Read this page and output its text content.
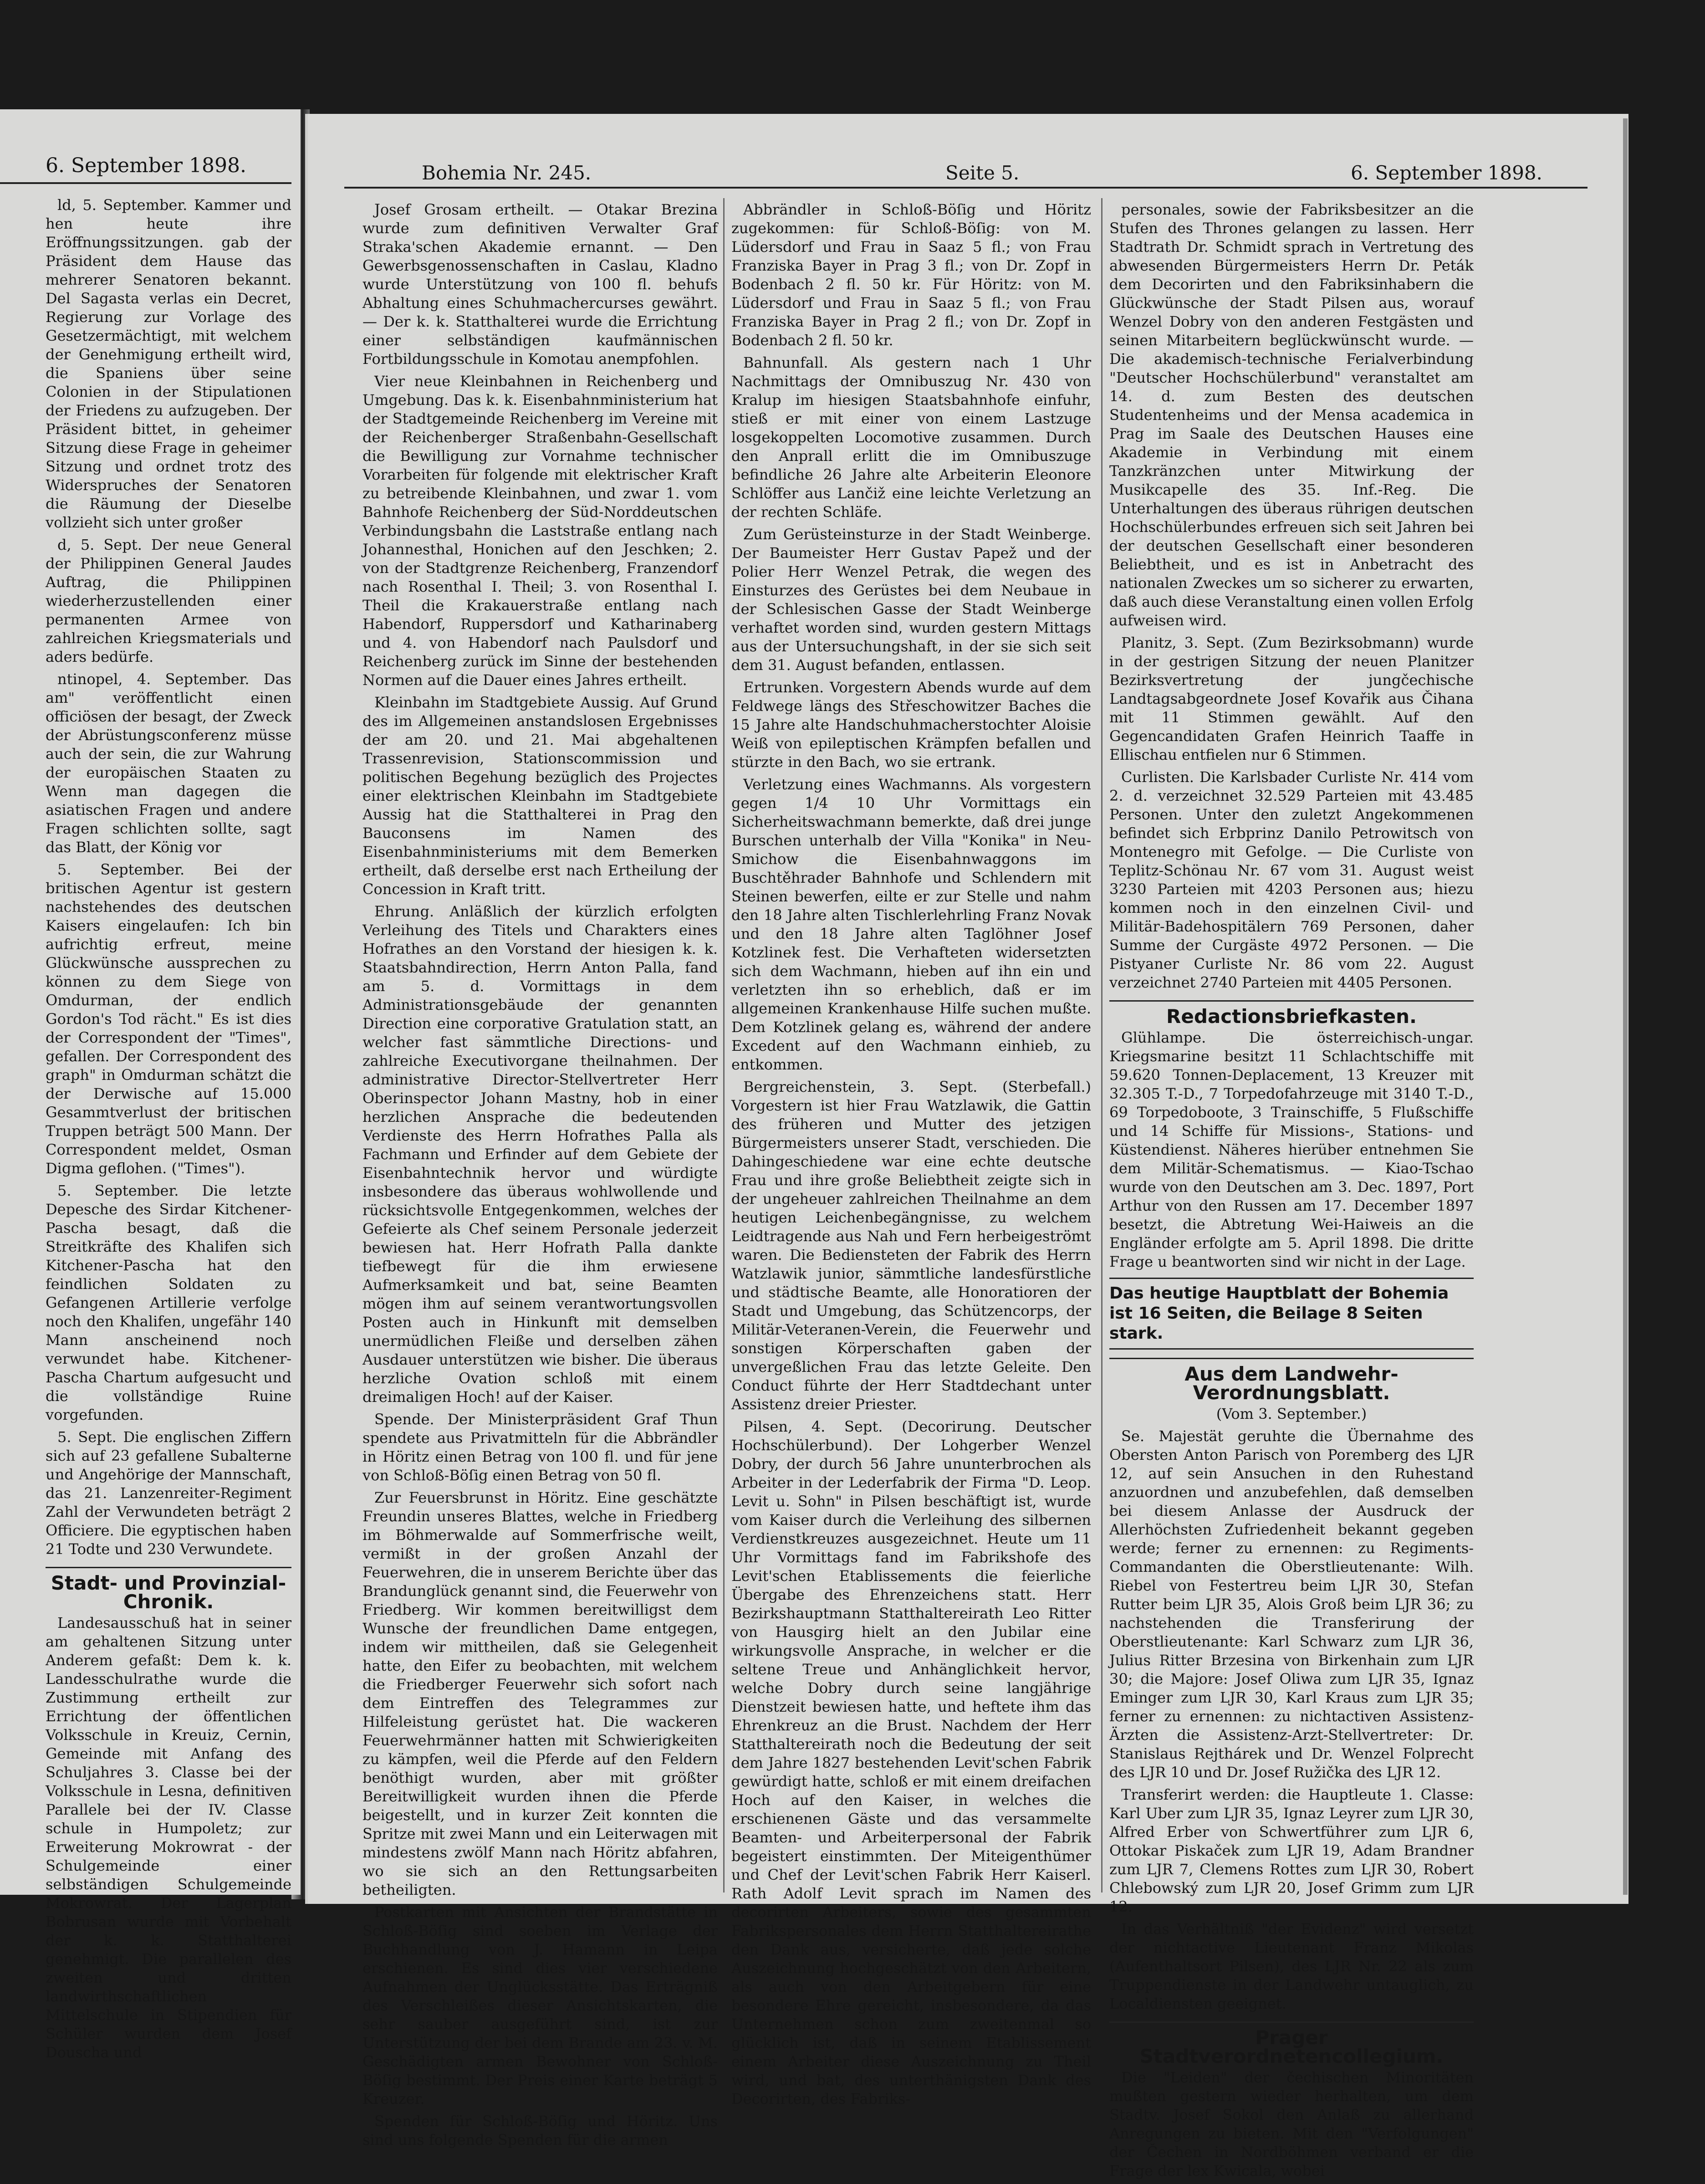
6. September 1898.

ld, 5. September. Kammer und hen heute ihre Eröffnungssitzungen. gab der Präsident dem Hause das mehrerer Senatoren bekannt. Del Sagasta verlas ein Decret, Regierung zur Vorlage des Gesetzermächtigt, mit welchem der Genehmigung ertheilt wird, die Spaniens über seine Colonien in der Stipulationen der Friedens zu aufzugeben. Der Präsident bittet, in geheimer Sitzung diese Frage in geheimer Sitzung und ordnet trotz des Widerspruches der Senatoren die Räumung der Dieselbe vollzieht sich unter großer

d, 5. Sept. Der neue General der Philippinen General Jaudes Auftrag, die Philippinen wiederherzustellenden einer permanenten Armee von zahlreichen Kriegsmaterials und aders bedürfe.

ntinopel, 4. September. Das am" veröffentlicht einen officiösen der besagt, der Zweck der Abrüstungsconferenz müsse auch der sein, die zur Wahrung der europäischen Staaten zu Wenn man dagegen die asiatischen Fragen und andere Fragen schlichten sollte, sagt das Blatt, der König vor

5. September. Bei der britischen Agentur ist gestern nachstehendes des deutschen Kaisers eingelaufen: Ich bin aufrichtig erfreut, meine Glückwünsche aussprechen zu können zu dem Siege von Omdurman, der endlich Gordon's Tod rächt." Es ist dies der Correspondent der "Times", gefallen. Der Correspondent des graph" in Omdurman schätzt die der Derwische auf 15.000 Gesammtverlust der britischen Truppen beträgt 500 Mann. Der Correspondent meldet, Osman Digma geflohen. ("Times").

5. September. Die letzte Depesche des Sirdar Kitchener-Pascha besagt, daß die Streitkräfte des Khalifen sich Kitchener-Pascha hat den feindlichen Soldaten zu Gefangenen Artillerie verfolge noch den Khalifen, ungefähr 140 Mann anscheinend noch verwundet habe. Kitchener-Pascha Chartum aufgesucht und die vollständige Ruine vorgefunden.

5. Sept. Die englischen Ziffern sich auf 23 gefallene Subalterne und Angehörige der Mannschaft, das 21. Lanzenreiter-Regiment Zahl der Verwundeten beträgt 2 Officiere. Die egyptischen haben 21 Todte und 230 Verwundete.

Stadt- und Provinzial-Chronik.

Landesausschuß hat in seiner am gehaltenen Sitzung unter Anderem gefaßt: Dem k. k. Landesschulrathe wurde die Zustimmung ertheilt zur Errichtung der öffentlichen Volksschule in Kreuiz, Cernin, Gemeinde mit Anfang des Schuljahres 3. Classe bei der Volksschule in Lesna, definitiven Parallele bei der IV. Classe schule in Humpoletz; zur Erweiterung Mokrowrat - der Schulgemeinde einer selbständigen Schulgemeinde Mokrowrat. Der Lagerplan Bobrusan wurde mit Vorbehalt der k. k. Statthalterei genehmigt. Die parallelen des zweiten und dritten landwirthschaftlichen Mittelschule in Stipendien für Schüler wurden dem Josef Douscha und

Bohemia Nr. 245.	Seite 5.	6. September 1898.

Josef Grosam ertheilt. — Otakar Brezina wurde zum definitiven Verwalter Graf Straka'schen Akademie ernannt. — Den Gewerbsgenossenschaften in Caslau, Kladno wurde Unterstützung von 100 fl. behufs Abhaltung eines Schuhmachercurses gewährt. — Der k. k. Statthalterei wurde die Errichtung einer selbständigen kaufmännischen Fortbildungsschule in Komotau anempfohlen.

Vier neue Kleinbahnen in Reichenberg und Umgebung. Das k. k. Eisenbahnministerium hat der Stadtgemeinde Reichenberg im Vereine mit der Reichenberger Straßenbahn-Gesellschaft die Bewilligung zur Vornahme technischer Vorarbeiten für folgende mit elektrischer Kraft zu betreibende Kleinbahnen, und zwar 1. vom Bahnhofe Reichenberg der Süd-Norddeutschen Verbindungsbahn die Laststraße entlang nach Johannesthal, Honichen auf den Jeschken; 2. von der Stadtgrenze Reichenberg, Franzendorf nach Rosenthal I. Theil; 3. von Rosenthal I. Theil die Krakauerstraße entlang nach Habendorf, Ruppersdorf und Katharinaberg und 4. von Habendorf nach Paulsdorf und Reichenberg zurück im Sinne der bestehenden Normen auf die Dauer eines Jahres ertheilt.

Kleinbahn im Stadtgebiete Aussig. Auf Grund des im Allgemeinen anstandslosen Ergebnisses der am 20. und 21. Mai abgehaltenen Trassenrevision, Stationscommission und politischen Begehung bezüglich des Projectes einer elektrischen Kleinbahn im Stadtgebiete Aussig hat die Statthalterei in Prag den Bauconsens im Namen des Eisenbahnministeriums mit dem Bemerken ertheilt, daß derselbe erst nach Ertheilung der Concession in Kraft tritt.

Ehrung. Anläßlich der kürzlich erfolgten Verleihung des Titels und Charakters eines Hofrathes an den Vorstand der hiesigen k. k. Staatsbahndirection, Herrn Anton Palla, fand am 5. d. Vormittags in dem Administrationsgebäude der genannten Direction eine corporative Gratulation statt, an welcher fast sämmtliche Directions- und zahlreiche Executivorgane theilnahmen. Der administrative Director-Stellvertreter Herr Oberinspector Johann Mastny, hob in einer herzlichen Ansprache die bedeutenden Verdienste des Herrn Hofrathes Palla als Fachmann und Erfinder auf dem Gebiete der Eisenbahntechnik hervor und würdigte insbesondere das überaus wohlwollende und rücksichtsvolle Entgegenkommen, welches der Gefeierte als Chef seinem Personale jederzeit bewiesen hat. Herr Hofrath Palla dankte tiefbewegt für die ihm erwiesene Aufmerksamkeit und bat, seine Beamten mögen ihm auf seinem verantwortungsvollen Posten auch in Hinkunft mit demselben unermüdlichen Fleiße und derselben zähen Ausdauer unterstützen wie bisher. Die überaus herzliche Ovation schloß mit einem dreimaligen Hoch! auf der Kaiser.

Spende. Der Ministerpräsident Graf Thun spendete aus Privatmitteln für die Abbrändler in Höritz einen Betrag von 100 fl. und für jene von Schloß-Böſig einen Betrag von 50 fl.

Zur Feuersbrunst in Höritz. Eine geschätzte Freundin unseres Blattes, welche in Friedberg im Böhmerwalde auf Sommerfrische weilt, vermißt in der großen Anzahl der Feuerwehren, die in unserem Berichte über das Brandunglück genannt sind, die Feuerwehr von Friedberg. Wir kommen bereitwilligst dem Wunsche der freundlichen Dame entgegen, indem wir mittheilen, daß sie Gelegenheit hatte, den Eifer zu beobachten, mit welchem die Friedberger Feuerwehr sich sofort nach dem Eintreffen des Telegrammes zur Hilfeleistung gerüstet hat. Die wackeren Feuerwehrmänner hatten mit Schwierigkeiten zu kämpfen, weil die Pferde auf den Feldern benöthigt wurden, aber mit größter Bereitwilligkeit wurden ihnen die Pferde beigestellt, und in kurzer Zeit konnten die Spritze mit zwei Mann und ein Leiterwagen mit mindestens zwölf Mann nach Höritz abfahren, wo sie sich an den Rettungsarbeiten betheiligten.

Postkarten mit Ansichten der Brandstätte in Schloß-Böſig sind soeben im Verlage der Buchhandlung von J. Hamann in Leipa erschienen. Es sind dies vier verschiedene Aufnahmen der Unglücksstätte. Das Erträgniß des Verschleißes dieser Ansichtskarten, die sehr sauber ausgeführt sind, ist zur Unterstützung der bei dem Brande am 23. v. M. Geschädigten armen Bewohner von Schloß-Böſig bestimmt. Der Preis einer Karte beträgt 5 Kreuzer.

Spenden für Schloß-Böſig und Höritz. Uns sind uns folgende Spenden für die armen

Abbrändler in Schloß-Böſig und Höritz zugekommen: für Schloß-Böſig: von M. Lüdersdorf und Frau in Saaz 5 fl.; von Frau Franziska Bayer in Prag 3 fl.; von Dr. Zopf in Bodenbach 2 fl. 50 kr. Für Höritz: von M. Lüdersdorf und Frau in Saaz 5 fl.; von Frau Franziska Bayer in Prag 2 fl.; von Dr. Zopf in Bodenbach 2 fl. 50 kr.

Bahnunfall. Als gestern nach 1 Uhr Nachmittags der Omnibuszug Nr. 430 von Kralup im hiesigen Staatsbahnhofe einfuhr, stieß er mit einer von einem Lastzuge losgekoppelten Locomotive zusammen. Durch den Anprall erlitt die im Omnibuszuge befindliche 26 Jahre alte Arbeiterin Eleonore Schlöffer aus Lančiž eine leichte Verletzung an der rechten Schläfe.

Zum Gerüsteinsturze in der Stadt Weinberge. Der Baumeister Herr Gustav Papež und der Polier Herr Wenzel Petrak, die wegen des Einsturzes des Gerüstes bei dem Neubaue in der Schlesischen Gasse der Stadt Weinberge verhaftet worden sind, wurden gestern Mittags aus der Untersuchungshaft, in der sie sich seit dem 31. August befanden, entlassen.

Ertrunken. Vorgestern Abends wurde auf dem Feldwege längs des Střeschowitzer Baches die 15 Jahre alte Handschuhmacherstochter Aloisie Weiß von epileptischen Krämpfen befallen und stürzte in den Bach, wo sie ertrank.

Verletzung eines Wachmanns. Als vorgestern gegen 1/4 10 Uhr Vormittags ein Sicherheitswachmann bemerkte, daß drei junge Burschen unterhalb der Villa "Konika" in Neu-Smichow die Eisenbahnwaggons im Buschtěhrader Bahnhofe und Schlendern mit Steinen bewerfen, eilte er zur Stelle und nahm den 18 Jahre alten Tischlerlehrling Franz Novak und den 18 Jahre alten Taglöhner Josef Kotzlinek fest. Die Verhafteten widersetzten sich dem Wachmann, hieben auf ihn ein und verletzten ihn so erheblich, daß er im allgemeinen Krankenhause Hilfe suchen mußte. Dem Kotzlinek gelang es, während der andere Excedent auf den Wachmann einhieb, zu entkommen.

Bergreichenstein, 3. Sept. (Sterbefall.) Vorgestern ist hier Frau Watzlawik, die Gattin des früheren und Mutter des jetzigen Bürgermeisters unserer Stadt, verschieden. Die Dahingeschiedene war eine echte deutsche Frau und ihre große Beliebtheit zeigte sich in der ungeheuer zahlreichen Theilnahme an dem heutigen Leichenbegängnisse, zu welchem Leidtragende aus Nah und Fern herbeigeströmt waren. Die Bediensteten der Fabrik des Herrn Watzlawik junior, sämmtliche landesfürstliche und städtische Beamte, alle Honoratioren der Stadt und Umgebung, das Schützencorps, der Militär-Veteranen-Verein, die Feuerwehr und sonstigen Körperschaften gaben der unvergeßlichen Frau das letzte Geleite. Den Conduct führte der Herr Stadtdechant unter Assistenz dreier Priester.

Pilsen, 4. Sept. (Decorirung. Deutscher Hochschülerbund). Der Lohgerber Wenzel Dobry, der durch 56 Jahre ununterbrochen als Arbeiter in der Lederfabrik der Firma "D. Leop. Levit u. Sohn" in Pilsen beschäftigt ist, wurde vom Kaiser durch die Verleihung des silbernen Verdienstkreuzes ausgezeichnet. Heute um 11 Uhr Vormittags fand im Fabrikshofe des Levit'schen Etablissements die feierliche Übergabe des Ehrenzeichens statt. Herr Bezirkshauptmann Statthaltereirath Leo Ritter von Hausgirg hielt an den Jubilar eine wirkungsvolle Ansprache, in welcher er die seltene Treue und Anhänglichkeit hervor, welche Dobry durch seine langjährige Dienstzeit bewiesen hatte, und heftete ihm das Ehrenkreuz an die Brust. Nachdem der Herr Statthaltereirath noch die Bedeutung der seit dem Jahre 1827 bestehenden Levit'schen Fabrik gewürdigt hatte, schloß er mit einem dreifachen Hoch auf den Kaiser, in welches die erschienenen Gäste und das versammelte Beamten- und Arbeiterpersonal der Fabrik begeistert einstimmten. Der Miteigenthümer und Chef der Levit'schen Fabrik Herr Kaiserl. Rath Adolf Levit sprach im Namen des decorirten Arbeiters, sowie des gesammten Fabrikspersonales dem Herrn Statthaltereirathe den Dank aus, versicherte, daß jede solche Auszeichnung hochgeschätzt von den Arbeitern, als auch von den Arbeitgebern für eine besondere Ehre gereicht, insbesondere, da das Unternehmen schon zum zweitenmal so glücklich ist, daß in seinem Etablissement einem Arbeiter diese Auszeichnung zu Theil wird, und bat, des unterthänigsten Dank des Decorirten, des Fabriks-

personales, sowie der Fabriksbesitzer an die Stufen des Thrones gelangen zu lassen. Herr Stadtrath Dr. Schmidt sprach in Vertretung des abwesenden Bürgermeisters Herrn Dr. Peták dem Decorirten und den Fabriksinhabern die Glückwünsche der Stadt Pilsen aus, worauf Wenzel Dobry von den anderen Festgästen und seinen Mitarbeitern beglückwünscht wurde. — Die akademisch-technische Ferialverbindung "Deutscher Hochschülerbund" veranstaltet am 14. d. zum Besten des deutschen Studentenheims und der Mensa academica in Prag im Saale des Deutschen Hauses eine Akademie in Verbindung mit einem Tanzkränzchen unter Mitwirkung der Musikcapelle des 35. Inf.-Reg. Die Unterhaltungen des überaus rührigen deutschen Hochschülerbundes erfreuen sich seit Jahren bei der deutschen Gesellschaft einer besonderen Beliebtheit, und es ist in Anbetracht des nationalen Zweckes um so sicherer zu erwarten, daß auch diese Veranstaltung einen vollen Erfolg aufweisen wird.

Planitz, 3. Sept. (Zum Bezirksobmann) wurde in der gestrigen Sitzung der neuen Planitzer Bezirksvertretung der jungčechische Landtagsabgeordnete Josef Kovařik aus Čihana mit 11 Stimmen gewählt. Auf den Gegencandidaten Grafen Heinrich Taaffe in Ellischau entfielen nur 6 Stimmen.

Curlisten. Die Karlsbader Curliste Nr. 414 vom 2. d. verzeichnet 32.529 Parteien mit 43.485 Personen. Unter den zuletzt Angekommenen befindet sich Erbprinz Danilo Petrowitsch von Montenegro mit Gefolge. — Die Curliste von Teplitz-Schönau Nr. 67 vom 31. August weist 3230 Parteien mit 4203 Personen aus; hiezu kommen noch in den einzelnen Civil- und Militär-Badehospitälern 769 Personen, daher Summe der Curgäste 4972 Personen. — Die Pistyaner Curliste Nr. 86 vom 22. August verzeichnet 2740 Parteien mit 4405 Personen.

Redactionsbriefkasten.

Glühlampe. Die österreichisch-ungar. Kriegsmarine besitzt 11 Schlachtschiffe mit 59.620 Tonnen-Deplacement, 13 Kreuzer mit 32.305 T.-D., 7 Torpedofahrzeuge mit 3140 T.-D., 69 Torpedoboote, 3 Trainschiffe, 5 Flußschiffe und 14 Schiffe für Missions-, Stations- und Küstendienst. Näheres hierüber entnehmen Sie dem Militär-Schematismus. — Kiao-Tschao wurde von den Deutschen am 3. Dec. 1897, Port Arthur von den Russen am 17. December 1897 besetzt, die Abtretung Wei-Haiweis an die Engländer erfolgte am 5. April 1898. Die dritte Frage u beantworten sind wir nicht in der Lage.

Das heutige Hauptblatt der Bohemia ist 16 Seiten, die Beilage 8 Seiten stark.
Aus dem Landwehr-Verordnungsblatt.
(Vom 3. September.)

Se. Majestät geruhte die Übernahme des Obersten Anton Parisch von Poremberg des LJR 12, auf sein Ansuchen in den Ruhestand anzuordnen und anzubefehlen, daß demselben bei diesem Anlasse der Ausdruck der Allerhöchsten Zufriedenheit bekannt gegeben werde; ferner zu ernennen: zu Regiments-Commandanten die Oberstlieutenante: Wilh. Riebel von Festertreu beim LJR 30, Stefan Rutter beim LJR 35, Alois Groß beim LJR 36; zu nachstehenden die Transferirung der Oberstlieutenante: Karl Schwarz zum LJR 36, Julius Ritter Brzesina von Birkenhain zum LJR 30; die Majore: Josef Oliwa zum LJR 35, Ignaz Eminger zum LJR 30, Karl Kraus zum LJR 35; ferner zu ernennen: zu nichtactiven Assistenz-Ärzten die Assistenz-Arzt-Stellvertreter: Dr. Stanislaus Rejthárek und Dr. Wenzel Folprecht des LJR 10 und Dr. Josef Ružička des LJR 12.

Transferirt werden: die Hauptleute 1. Classe: Karl Uber zum LJR 35, Ignaz Leyrer zum LJR 30, Alfred Erber von Schwertführer zum LJR 6, Ottokar Piskaček zum LJR 19, Adam Brandner zum LJR 7, Clemens Rottes zum LJR 30, Robert Chlebowský zum LJR 20, Josef Grimm zum LJR 12.

In das Verhältniß "der Evidenz" wird versetzt der nichtactive Lieutenant Franz Mikolas (Aufenthaltsort Pilsen), des LJR Nr. 22 als zum Truppendienste in der Landwehr untauglich, zu Localdiensten geeignet.

Prager Stadtverordnetencollegium.

Die "Leiden" der čechischen Minoritäten mußten gestern wieder herhalten, um dem Stadtv. Josef Sokol den Anlaß zu allerhand Anregungen zu bieten. Mit den "Verfolgungen" der Čechen in Nordböhmen verband er die Frage der lex Kwicala, wobei
